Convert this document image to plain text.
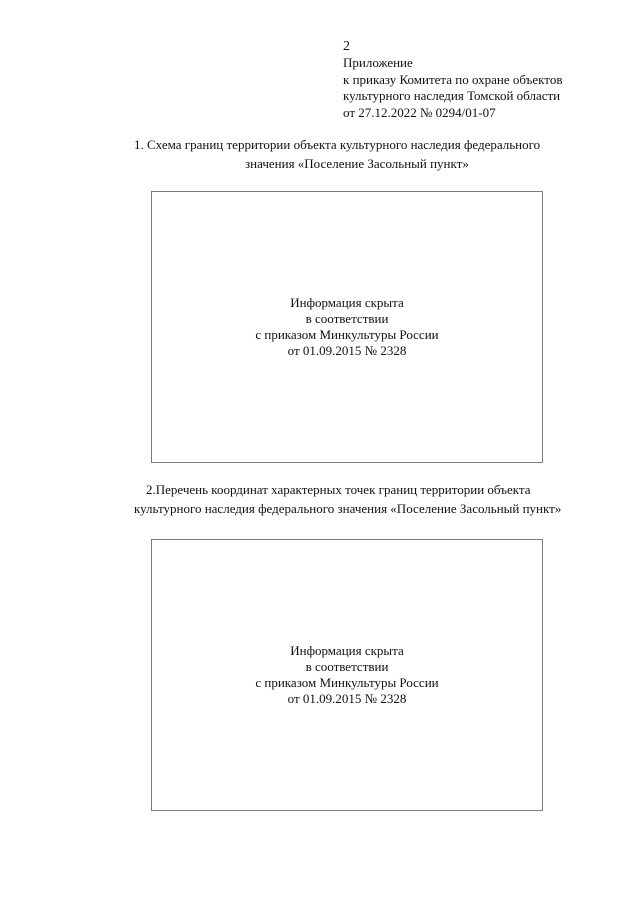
2
Приложение
к приказу Комитета по охране объектов
культурного наследия Томской области
от 27.12.2022 № 0294/01-07
1. Схема границ территории объекта культурного наследия федерального
значения «Поселение Засольный пункт»
Информация скрыта
в соответствии
с приказом Минкультуры России
от 01.09.2015 № 2328
2.Перечень координат характерных точек границ территории объекта
культурного наследия федерального значения «Поселение Засольный пункт»
Информация скрыта
в соответствии
с приказом Минкультуры России
от 01.09.2015 № 2328
